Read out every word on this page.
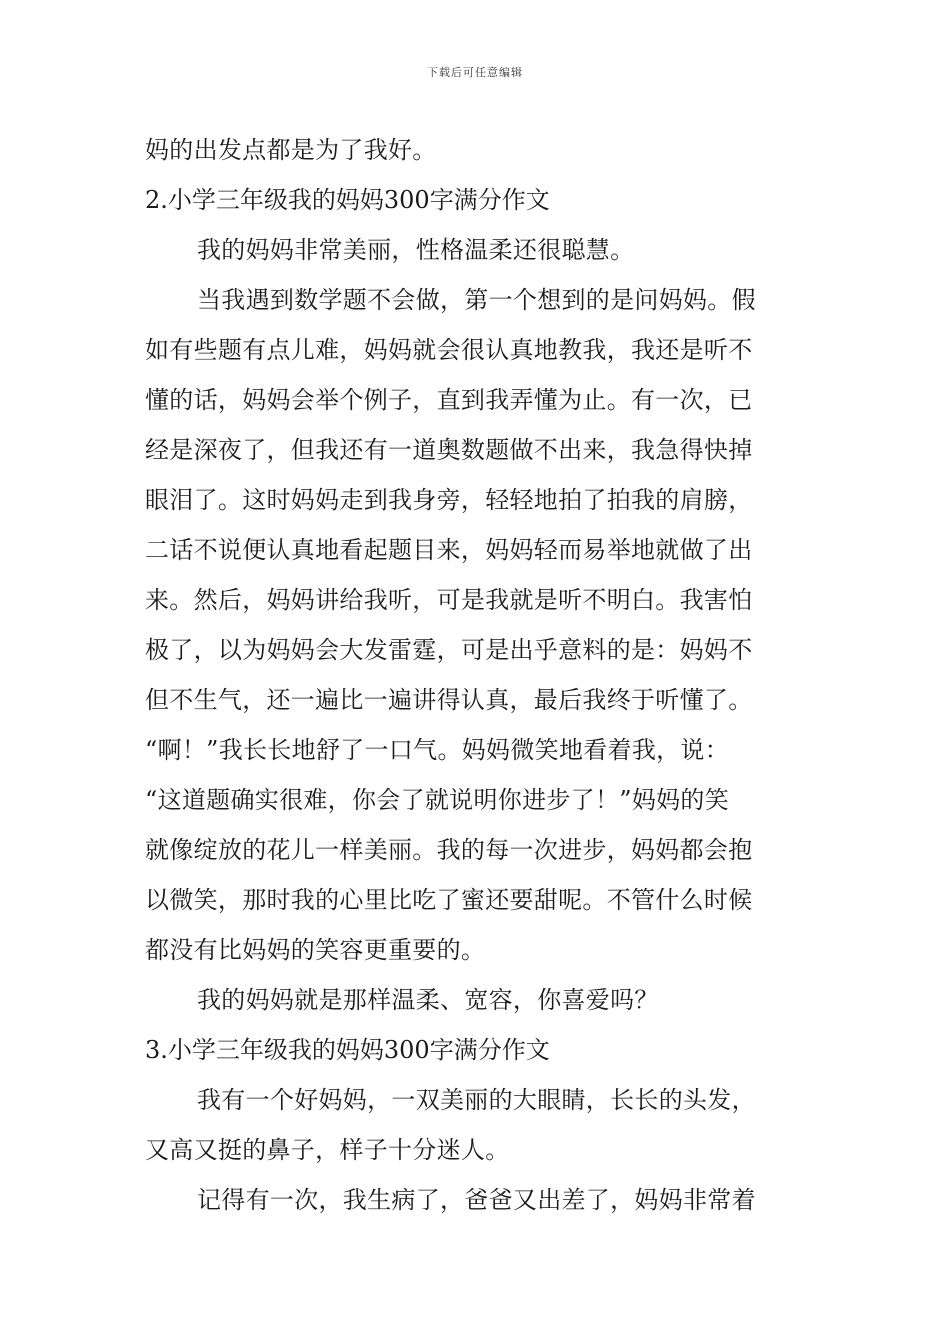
下载后可任意编辑
妈的出发点都是为了我好。
2.小学三年级我的妈妈300字满分作文
我的妈妈非常美丽，性格温柔还很聪慧。
当我遇到数学题不会做，第一个想到的是问妈妈。假
如有些题有点儿难，妈妈就会很认真地教我，我还是听不
懂的话，妈妈会举个例子，直到我弄懂为止。有一次，已
经是深夜了，但我还有一道奥数题做不出来，我急得快掉
眼泪了。这时妈妈走到我身旁，轻轻地拍了拍我的肩膀，
二话不说便认真地看起题目来，妈妈轻而易举地就做了出
来。然后，妈妈讲给我听，可是我就是听不明白。我害怕
极了，以为妈妈会大发雷霆，可是出乎意料的是：妈妈不
但不生气，还一遍比一遍讲得认真，最后我终于听懂了。
“啊！”我长长地舒了一口气。妈妈微笑地看着我，说：
“这道题确实很难，你会了就说明你进步了！”妈妈的笑
就像绽放的花儿一样美丽。我的每一次进步，妈妈都会抱
以微笑，那时我的心里比吃了蜜还要甜呢。不管什么时候
都没有比妈妈的笑容更重要的。
我的妈妈就是那样温柔、宽容，你喜爱吗？
3.小学三年级我的妈妈300字满分作文
我有一个好妈妈，一双美丽的大眼睛，长长的头发，
又高又挺的鼻子，样子十分迷人。
记得有一次，我生病了，爸爸又出差了，妈妈非常着
